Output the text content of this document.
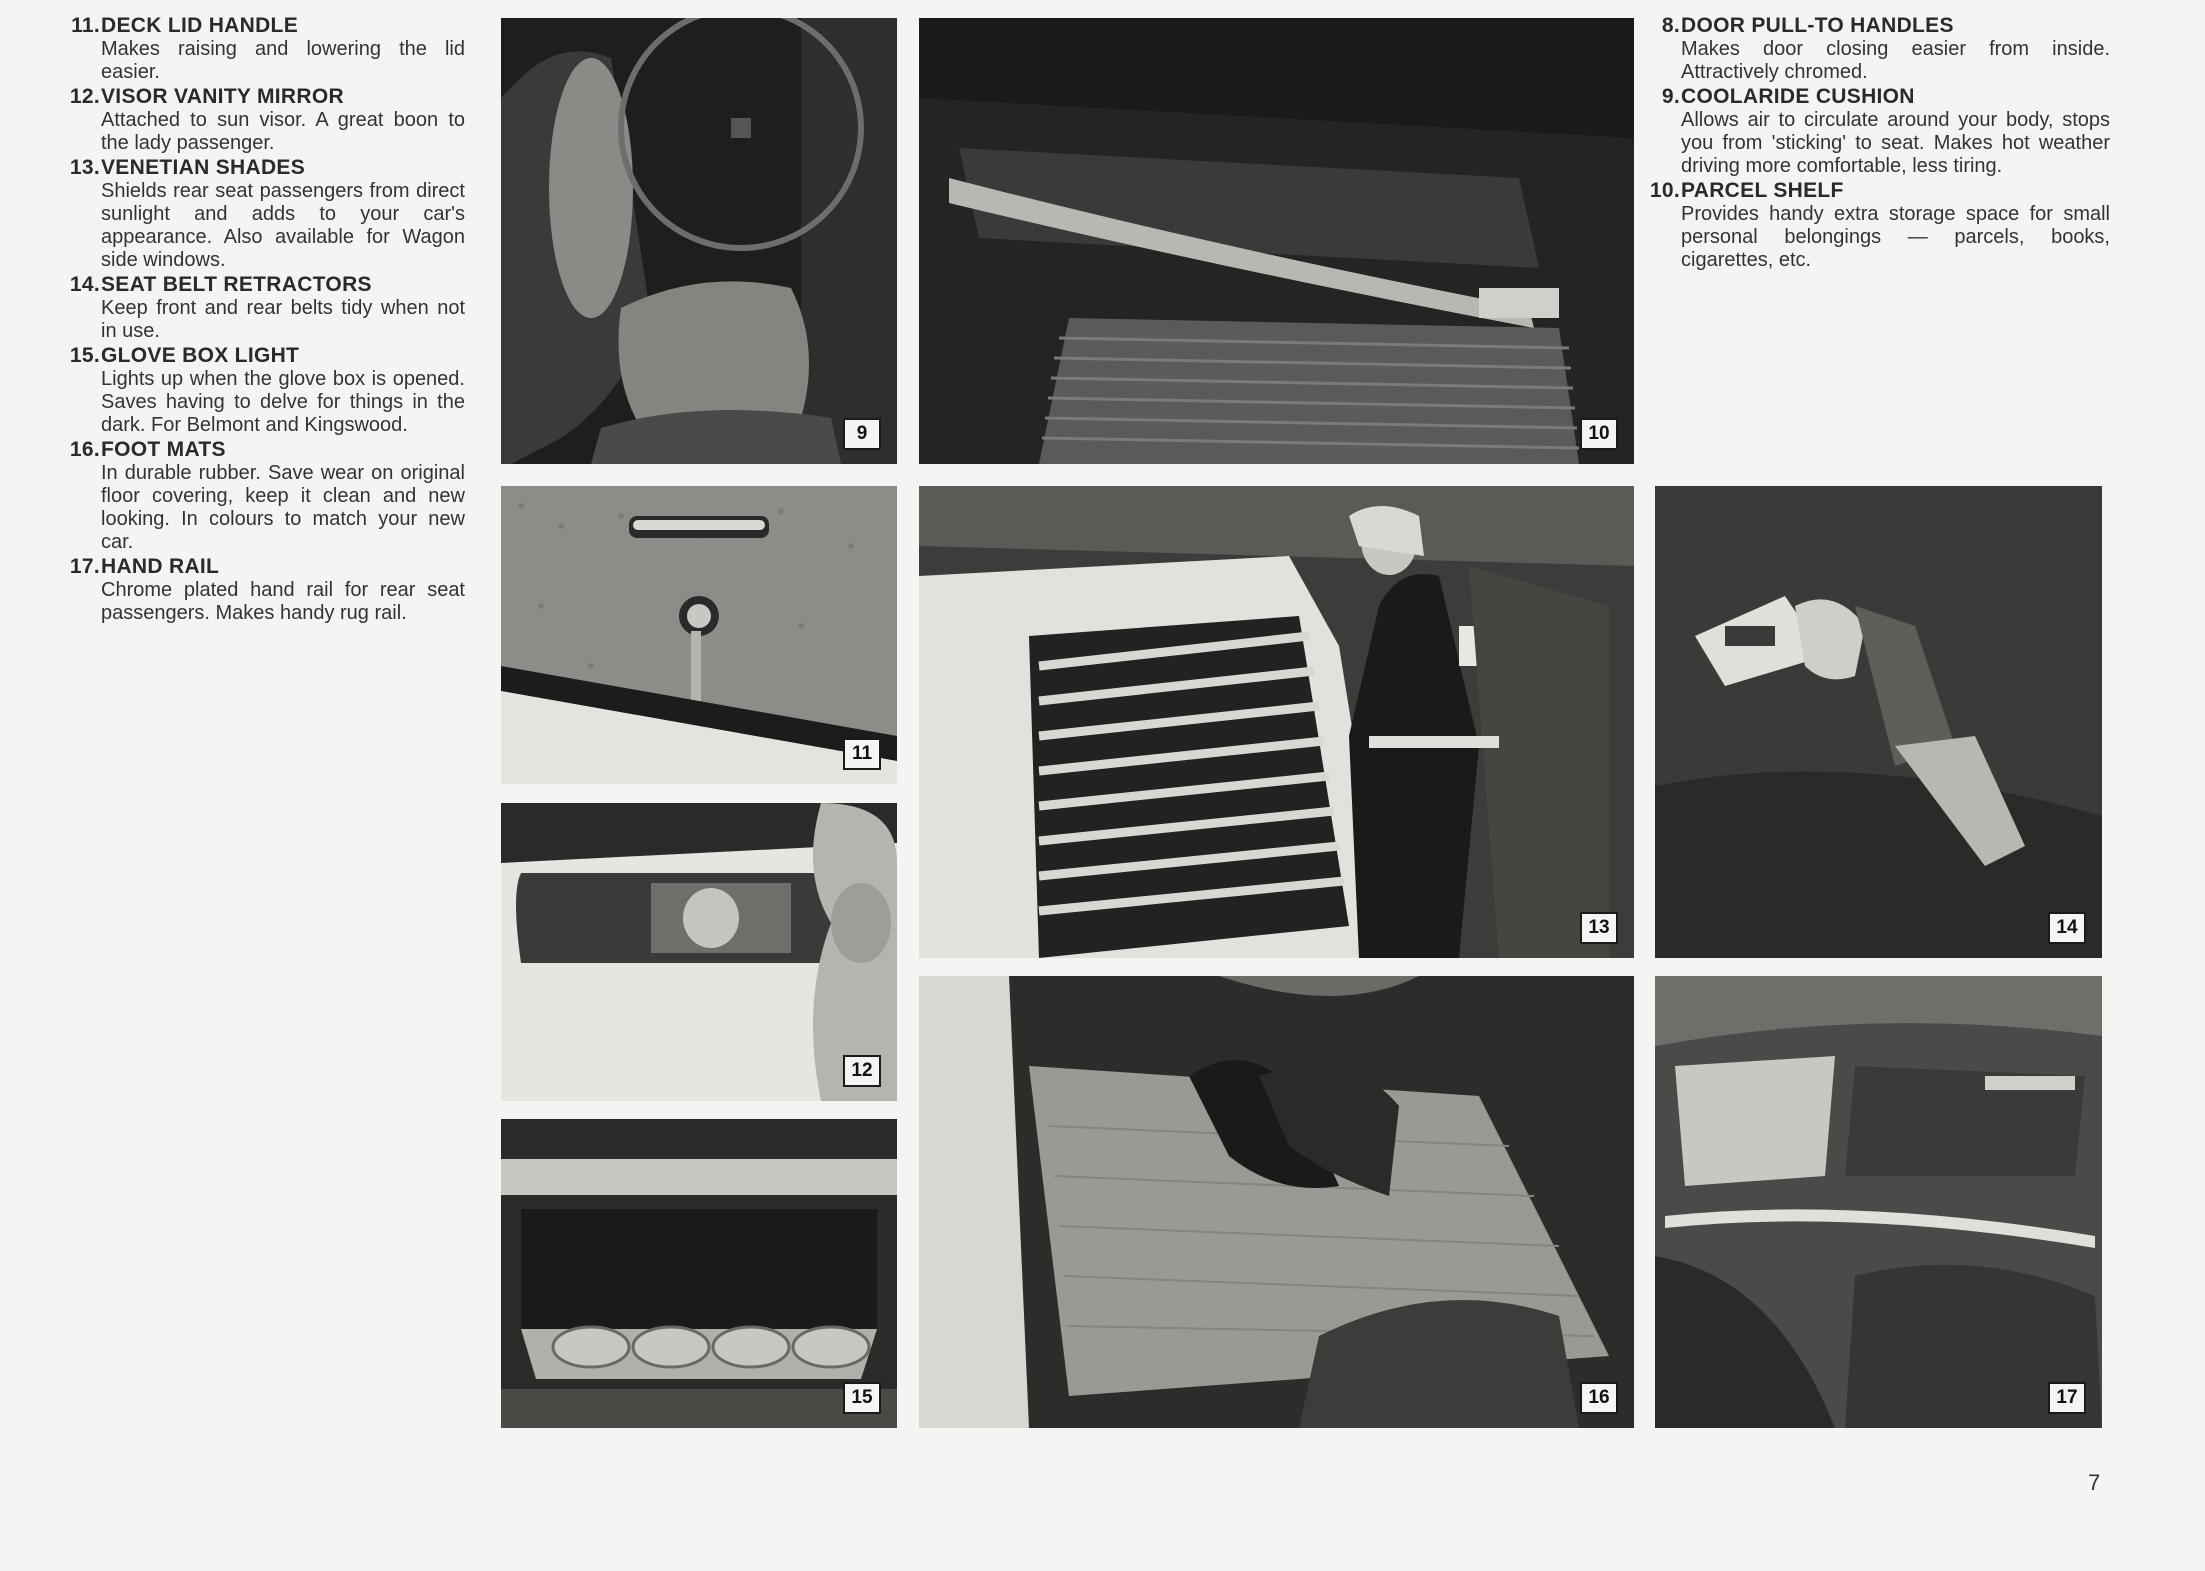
11.DECK LID HANDLE
Makes raising and lowering the lid easier.
12.VISOR VANITY MIRROR
Attached to sun visor. A great boon to the lady passenger.
13.VENETIAN SHADES
Shields rear seat passengers from direct sunlight and adds to your car's appearance. Also available for Wagon side windows.
14.SEAT BELT RETRACTORS
Keep front and rear belts tidy when not in use.
15.GLOVE BOX LIGHT
Lights up when the glove box is opened. Saves having to delve for things in the dark. For Belmont and Kingswood.
16.FOOT MATS
In durable rubber. Save wear on original floor covering, keep it clean and new looking. In colours to match your new car.
17.HAND RAIL
Chrome plated hand rail for rear seat passengers. Makes handy rug rail.
8.DOOR PULL-TO HANDLES
Makes door closing easier from inside. Attractively chromed.
9.COOLARIDE CUSHION
Allows air to circulate around your body, stops you from 'sticking' to seat. Makes hot weather driving more comfortable, less tiring.
10.PARCEL SHELF
Provides handy extra storage space for small personal belongings — parcels, books, cigarettes, etc.
9	10
11
12
13	14
15	16	17
7
